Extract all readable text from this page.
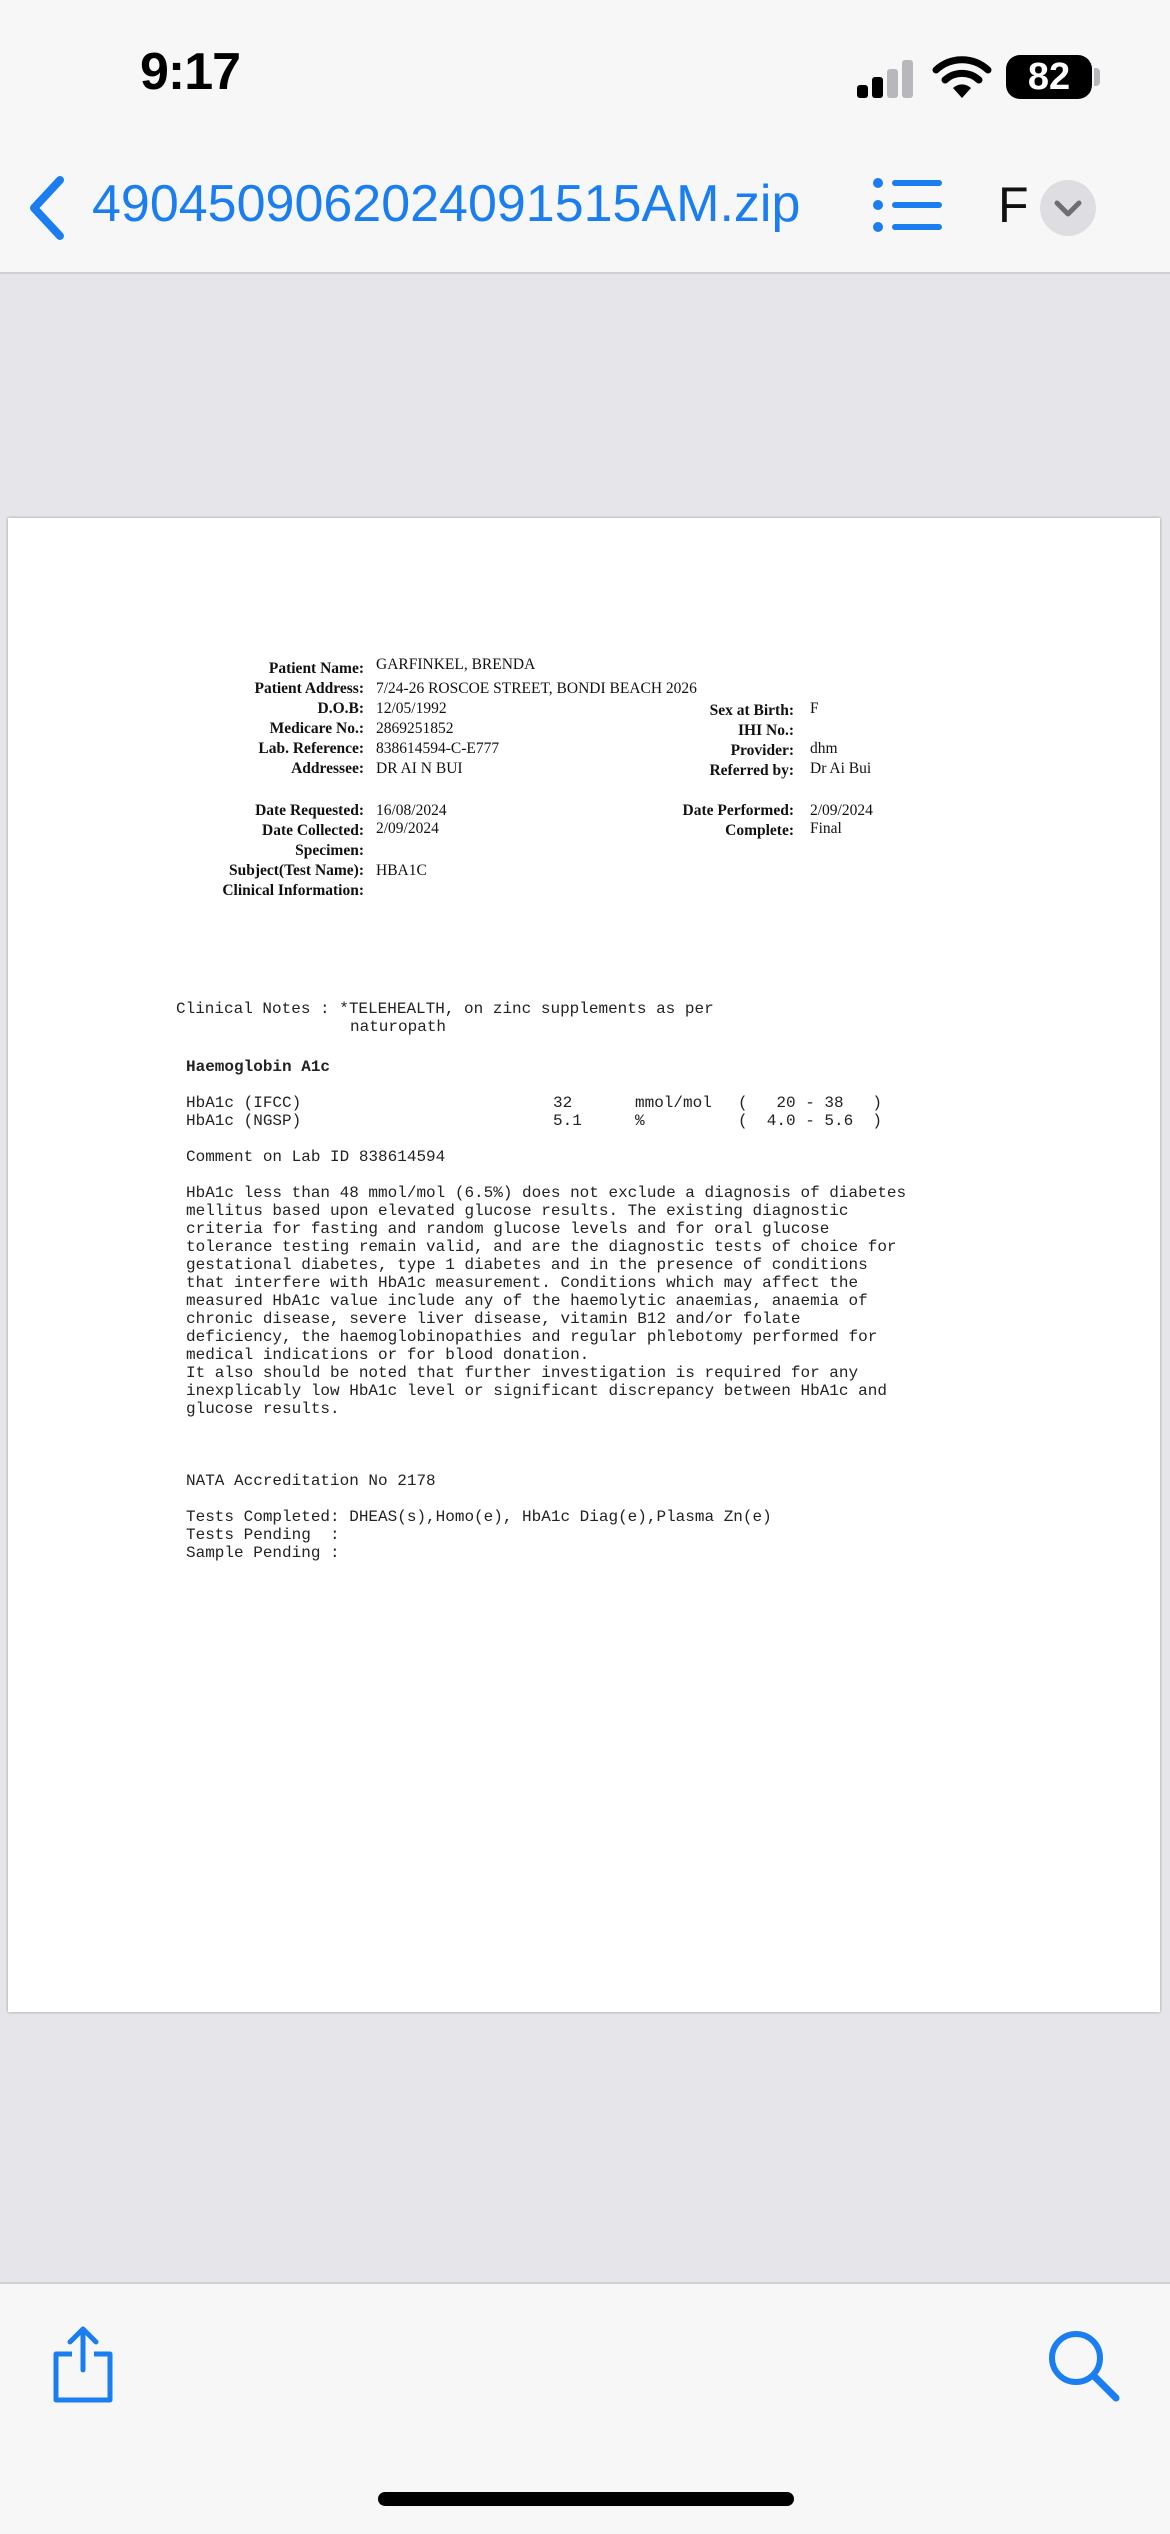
9:17	82
4904509062024091515AM.zip	F
Patient Name: GARFINKEL, BRENDA
Patient Address: 7/24-26 ROSCOE STREET, BONDI BEACH 2026
D.O.B: 12/05/1992
Medicare No.: 2869251852
Lab. Reference: 838614594-C-E777
Addressee: DR AI N BUI
Sex at Birth: F
IHI No.:
Provider: dhm
Referred by: Dr Ai Bui
Date Requested: 16/08/2024
Date Collected: 2/09/2024
Specimen:
Subject(Test Name): HBA1C
Clinical Information:
Date Performed: 2/09/2024
Complete: Final
Clinical Notes : *TELEHEALTH, on zinc supplements as per
naturopath
Haemoglobin A1c
HbA1c (IFCC)	32	mmol/mol (   20 - 38   )
HbA1c (NGSP)	5.1	%	(  4.0 - 5.6  )
Comment on Lab ID 838614594
HbA1c less than 48 mmol/mol (6.5%) does not exclude a diagnosis of diabetes
mellitus based upon elevated glucose results. The existing diagnostic
criteria for fasting and random glucose levels and for oral glucose
tolerance testing remain valid, and are the diagnostic tests of choice for
gestational diabetes, type 1 diabetes and in the presence of conditions
that interfere with HbA1c measurement. Conditions which may affect the
measured HbA1c value include any of the haemolytic anaemias, anaemia of
chronic disease, severe liver disease, vitamin B12 and/or folate
deficiency, the haemoglobinopathies and regular phlebotomy performed for
medical indications or for blood donation.
It also should be noted that further investigation is required for any
inexplicably low HbA1c level or significant discrepancy between HbA1c and
glucose results.
NATA Accreditation No 2178
Tests Completed: DHEAS(s),Homo(e), HbA1c Diag(e),Plasma Zn(e)
Tests Pending  :
Sample Pending :
